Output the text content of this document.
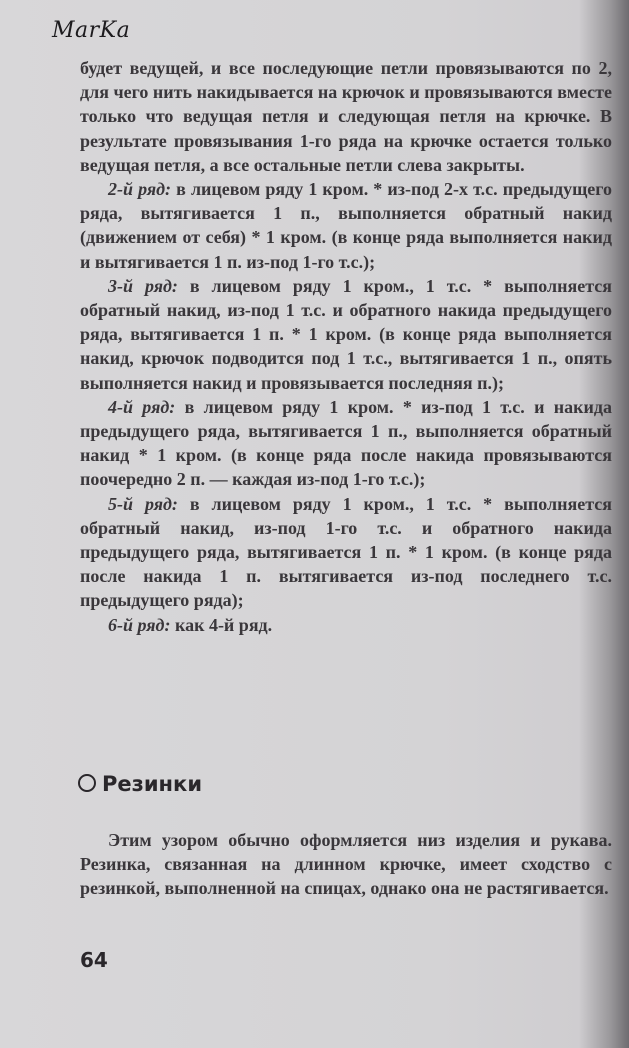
MarKa

будет ведущей, и все последующие петли провязываются по 2, для чего нить накидывается на крючок и провязываются вместе только что ведущая петля и следующая петля на крючке. В результате провязывания 1-го ряда на крючке остается только ведущая петля, а все остальные петли слева закрыты.

2-й ряд: в лицевом ряду 1 кром. * из-под 2-х т.с. предыдущего ряда, вытягивается 1 п., выполняется обратный накид (движением от себя) * 1 кром. (в конце ряда выполняется накид и вытягивается 1 п. из-под 1-го т.с.);

3-й ряд: в лицевом ряду 1 кром., 1 т.с. * выполняется обратный накид, из-под 1 т.с. и обратного накида предыдущего ряда, вытягивается 1 п. * 1 кром. (в конце ряда выполняется накид, крючок подводится под 1 т.с., вытягивается 1 п., опять выполняется накид и провязывается последняя п.);

4-й ряд: в лицевом ряду 1 кром. * из-под 1 т.с. и накида предыдущего ряда, вытягивается 1 п., выполняется обратный накид * 1 кром. (в конце ряда после накида провязываются поочередно 2 п. — каждая из-под 1-го т.с.);

5-й ряд: в лицевом ряду 1 кром., 1 т.с. * выполняется обратный накид, из-под 1-го т.с. и обратного накида предыдущего ряда, вытягивается 1 п. * 1 кром. (в конце ряда после накида 1 п. вытягивается из-под последнего т.с. предыдущего ряда);

6-й ряд: как 4-й ряд.

Резинки

Этим узором обычно оформляется низ изделия и рукава. Резинка, связанная на длинном крючке, имеет сходство с резинкой, выполненной на спицах, однако она не растягивается.

64
